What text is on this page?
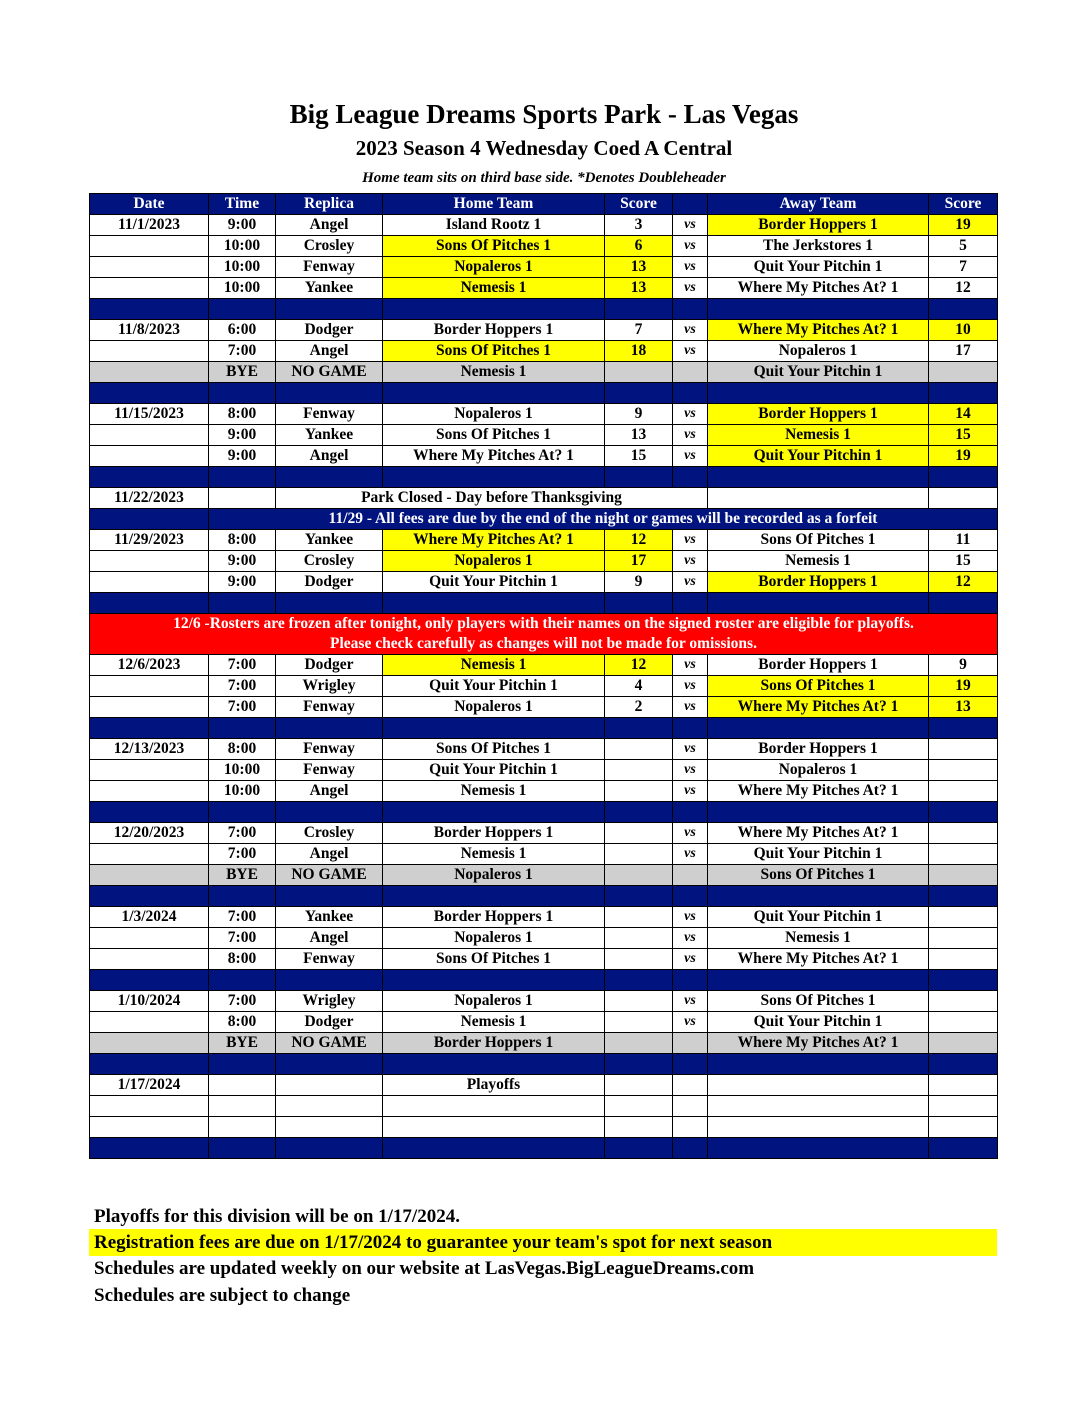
Big League Dreams Sports Park - Las Vegas
2023 Season 4 Wednesday Coed A Central
Home team sits on third base side. *Denotes Doubleheader
Date	Time	Replica	Home Team	Score		Away Team	Score
11/1/2023	9:00	Angel	Island Rootz 1	3	vs	Border Hoppers 1	19
	10:00	Crosley	Sons Of Pitches 1	6	vs	The Jerkstores 1	5
	10:00	Fenway	Nopaleros 1	13	vs	Quit Your Pitchin 1	7
	10:00	Yankee	Nemesis 1	13	vs	Where My Pitches At? 1	12

11/8/2023	6:00	Dodger	Border Hoppers 1	7	vs	Where My Pitches At? 1	10
	7:00	Angel	Sons Of Pitches 1	18	vs	Nopaleros 1	17
	BYE	NO GAME	Nemesis 1			Quit Your Pitchin 1	

11/15/2023	8:00	Fenway	Nopaleros 1	9	vs	Border Hoppers 1	14
	9:00	Yankee	Sons Of Pitches 1	13	vs	Nemesis 1	15
	9:00	Angel	Where My Pitches At? 1	15	vs	Quit Your Pitchin 1	19

11/22/2023		Park Closed - Day before Thanksgiving					
	11/29 - All fees are due by the end of the night or games will be recorded as a forfeit						
11/29/2023	8:00	Yankee	Where My Pitches At? 1	12	vs	Sons Of Pitches 1	11
	9:00	Crosley	Nopaleros 1	17	vs	Nemesis 1	15
	9:00	Dodger	Quit Your Pitchin 1	9	vs	Border Hoppers 1	12

12/6 -Rosters are frozen after tonight, only players with their names on the signed roster are eligible for playoffs.
Please check carefully as changes will not be made for omissions.							

12/6/2023	7:00	Dodger	Nemesis 1	12	vs	Border Hoppers 1	9
	7:00	Wrigley	Quit Your Pitchin 1	4	vs	Sons Of Pitches 1	19
	7:00	Fenway	Nopaleros 1	2	vs	Where My Pitches At? 1	13

12/13/2023	8:00	Fenway	Sons Of Pitches 1		vs	Border Hoppers 1	
	10:00	Fenway	Quit Your Pitchin 1		vs	Nopaleros 1	
	10:00	Angel	Nemesis 1		vs	Where My Pitches At? 1	

12/20/2023	7:00	Crosley	Border Hoppers 1		vs	Where My Pitches At? 1	
	7:00	Angel	Nemesis 1		vs	Quit Your Pitchin 1	
	BYE	NO GAME	Nopaleros 1			Sons Of Pitches 1	

1/3/2024	7:00	Yankee	Border Hoppers 1		vs	Quit Your Pitchin 1	
	7:00	Angel	Nopaleros 1		vs	Nemesis 1	
	8:00	Fenway	Sons Of Pitches 1		vs	Where My Pitches At? 1	

1/10/2024	7:00	Wrigley	Nopaleros 1		vs	Sons Of Pitches 1	
	8:00	Dodger	Nemesis 1		vs	Quit Your Pitchin 1	
	BYE	NO GAME	Border Hoppers 1			Where My Pitches At? 1	

1/17/2024			Playoffs				

Playoffs for this division will be on 1/17/2024.
Registration fees are due on 1/17/2024 to guarantee your team's spot for next season
Schedules are updated weekly on our website at LasVegas.BigLeagueDreams.com
Schedules are subject to change
